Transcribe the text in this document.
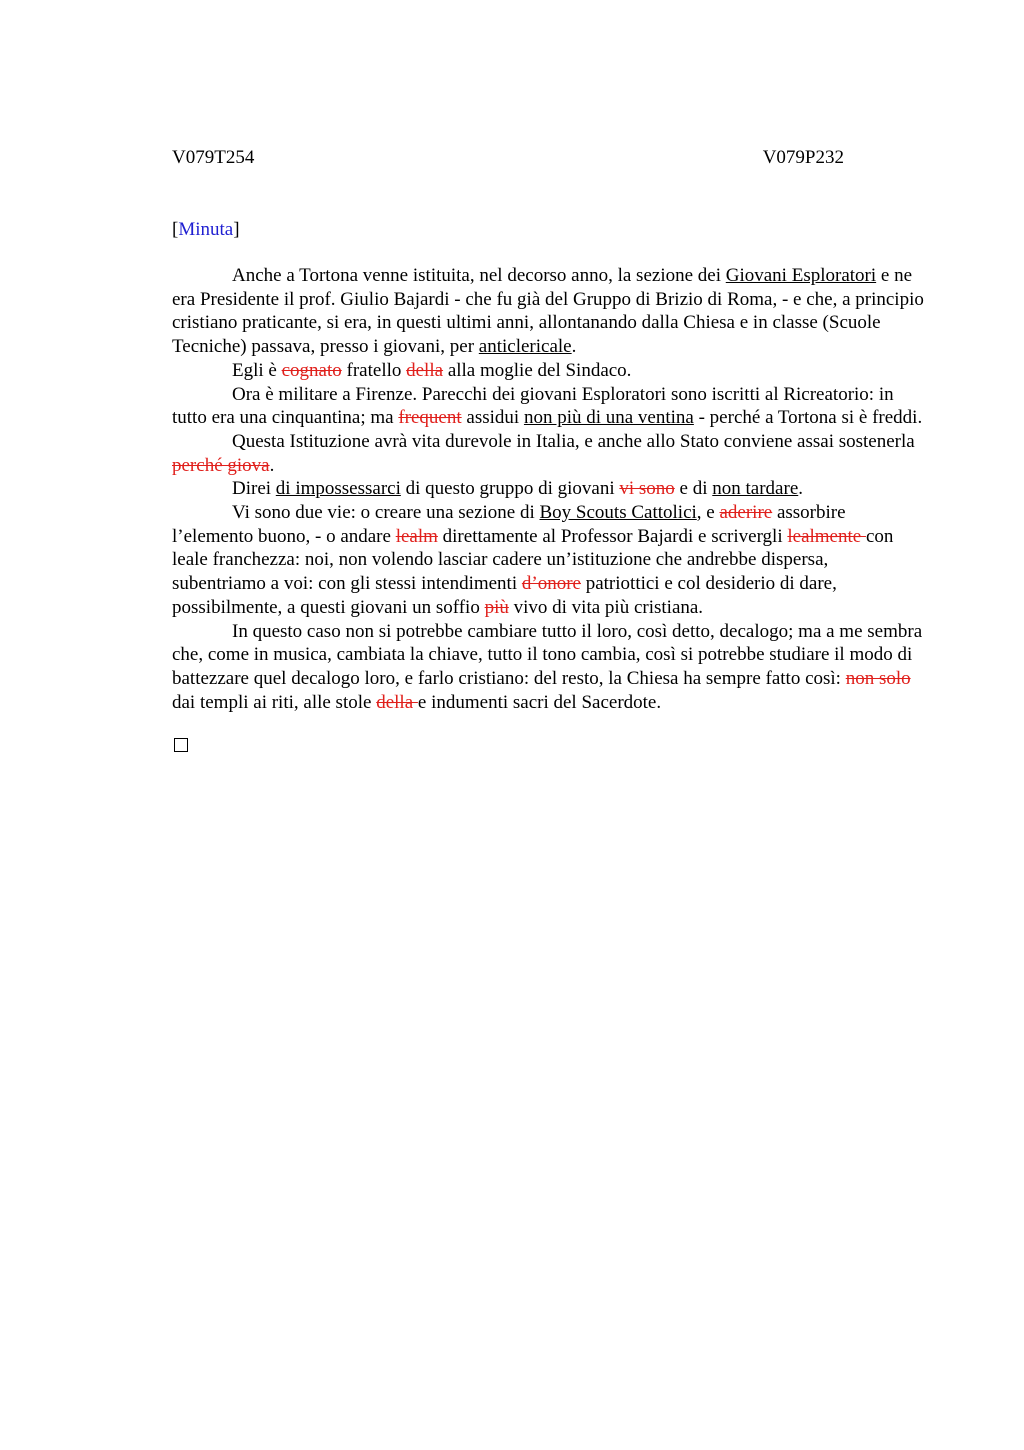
V079T254	V079P232
[Minuta]

Anche a Tortona venne istituita, nel decorso anno, la sezione dei Giovani Esploratori e ne era Presidente il prof. Giulio Bajardi - che fu già del Gruppo di Brizio di Roma, - e che, a principio cristiano praticante, si era, in questi ultimi anni, allontanando dalla Chiesa e in classe (Scuole Tecniche) passava, presso i giovani, per anticlericale.

Egli è cognato fratello della alla moglie del Sindaco.

Ora è militare a Firenze. Parecchi dei giovani Esploratori sono iscritti al Ricreatorio: in tutto era una cinquantina; ma frequent assidui non più di una ventina - perché a Tortona si è freddi.

Questa Istituzione avrà vita durevole in Italia, e anche allo Stato conviene assai sostenerla perché giova.

Direi di impossessarci di questo gruppo di giovani vi sono e di non tardare.

Vi sono due vie: o creare una sezione di Boy Scouts Cattolici, e aderire assorbire l’elemento buono, - o andare lealm direttamente al Professor Bajardi e scrivergli lealmente con leale franchezza: noi, non volendo lasciar cadere un’istituzione che andrebbe dispersa, subentriamo a voi: con gli stessi intendimenti d’onore patriottici e col desiderio di dare, possibilmente, a questi giovani un soffio più vivo di vita più cristiana.

In questo caso non si potrebbe cambiare tutto il loro, così detto, decalogo; ma a me sembra che, come in musica, cambiata la chiave, tutto il tono cambia, così si potrebbe studiare il modo di battezzare quel decalogo loro, e farlo cristiano: del resto, la Chiesa ha sempre fatto così: non solo dai templi ai riti, alle stole della e indumenti sacri del Sacerdote.
